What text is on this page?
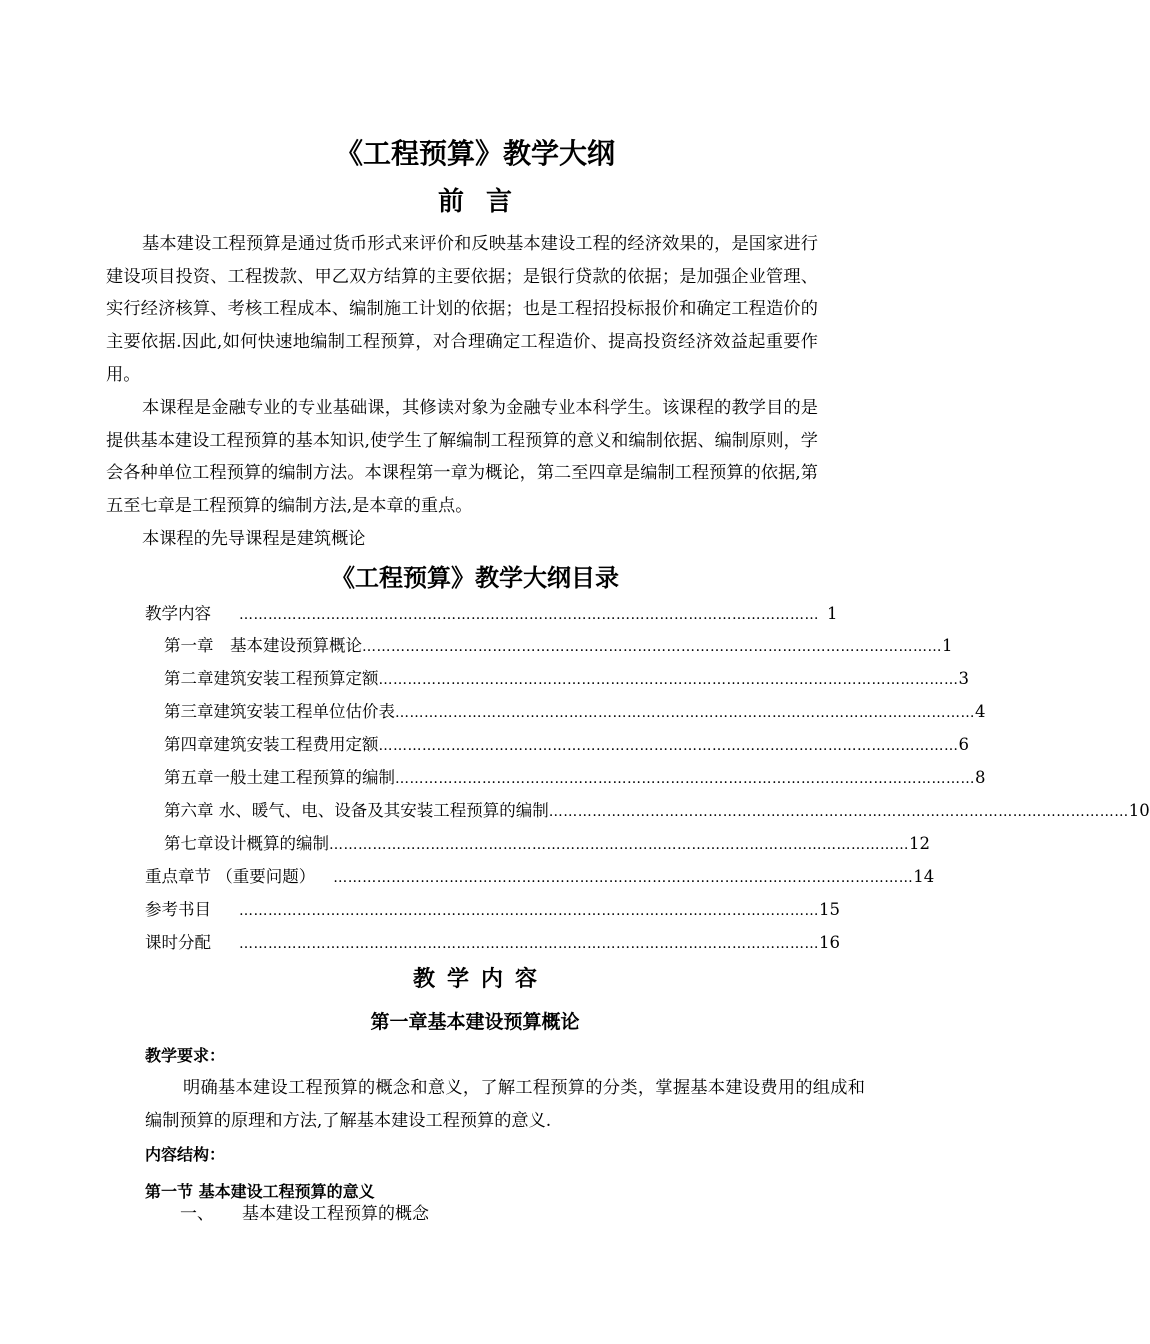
《工程预算》教学大纲
前言

基本建设工程预算是通过货币形式来评价和反映基本建设工程的经济效果的，是国家进行建设项目投资、工程拨款、甲乙双方结算的主要依据；是银行贷款的依据；是加强企业管理、实行经济核算、考核工程成本、编制施工计划的依据；也是工程招投标报价和确定工程造价的主要依据.因此,如何快速地编制工程预算，对合理确定工程造价、提高投资经济效益起重要作用。

本课程是金融专业的专业基础课，其修读对象为金融专业本科学生。该课程的教学目的是提供基本建设工程预算的基本知识,使学生了解编制工程预算的意义和编制依据、编制原则，学会各种单位工程预算的编制方法。本课程第一章为概论，第二至四章是编制工程预算的依据,第五至七章是工程预算的编制方法,是本章的重点。

本课程的先导课程是建筑概论

《工程预算》教学大纲目录
教学内容 ………………………………………………………………………………………………………… 1
第一章　基本建设预算概论 ………………………………………………………………………………………………………… 1
第二章建筑安装工程预算定额 ………………………………………………………………………………………………………… 3
第三章建筑安装工程单位估价表 ………………………………………………………………………………………………………… 4
第四章建筑安装工程费用定额 ………………………………………………………………………………………………………… 6
第五章一般土建工程预算的编制 ………………………………………………………………………………………………………… 8
第六章 水、暖气、电、设备及其安装工程预算的编制 ………………………………………………………………………………………………………… 10
第七章设计概算的编制 ………………………………………………………………………………………………………… 12
重点章节 （重要问题） ………………………………………………………………………………………………………… 14
参考书目 ………………………………………………………………………………………………………… 15
课时分配 ………………………………………………………………………………………………………… 16
教学内容
第一章基本建设预算概论
教学要求：

明确基本建设工程预算的概念和意义，了解工程预算的分类，掌握基本建设费用的组成和编制预算的原理和方法,了解基本建设工程预算的意义.

内容结构：
第一节 基本建设工程预算的意义
一、 基本建设工程预算的概念
